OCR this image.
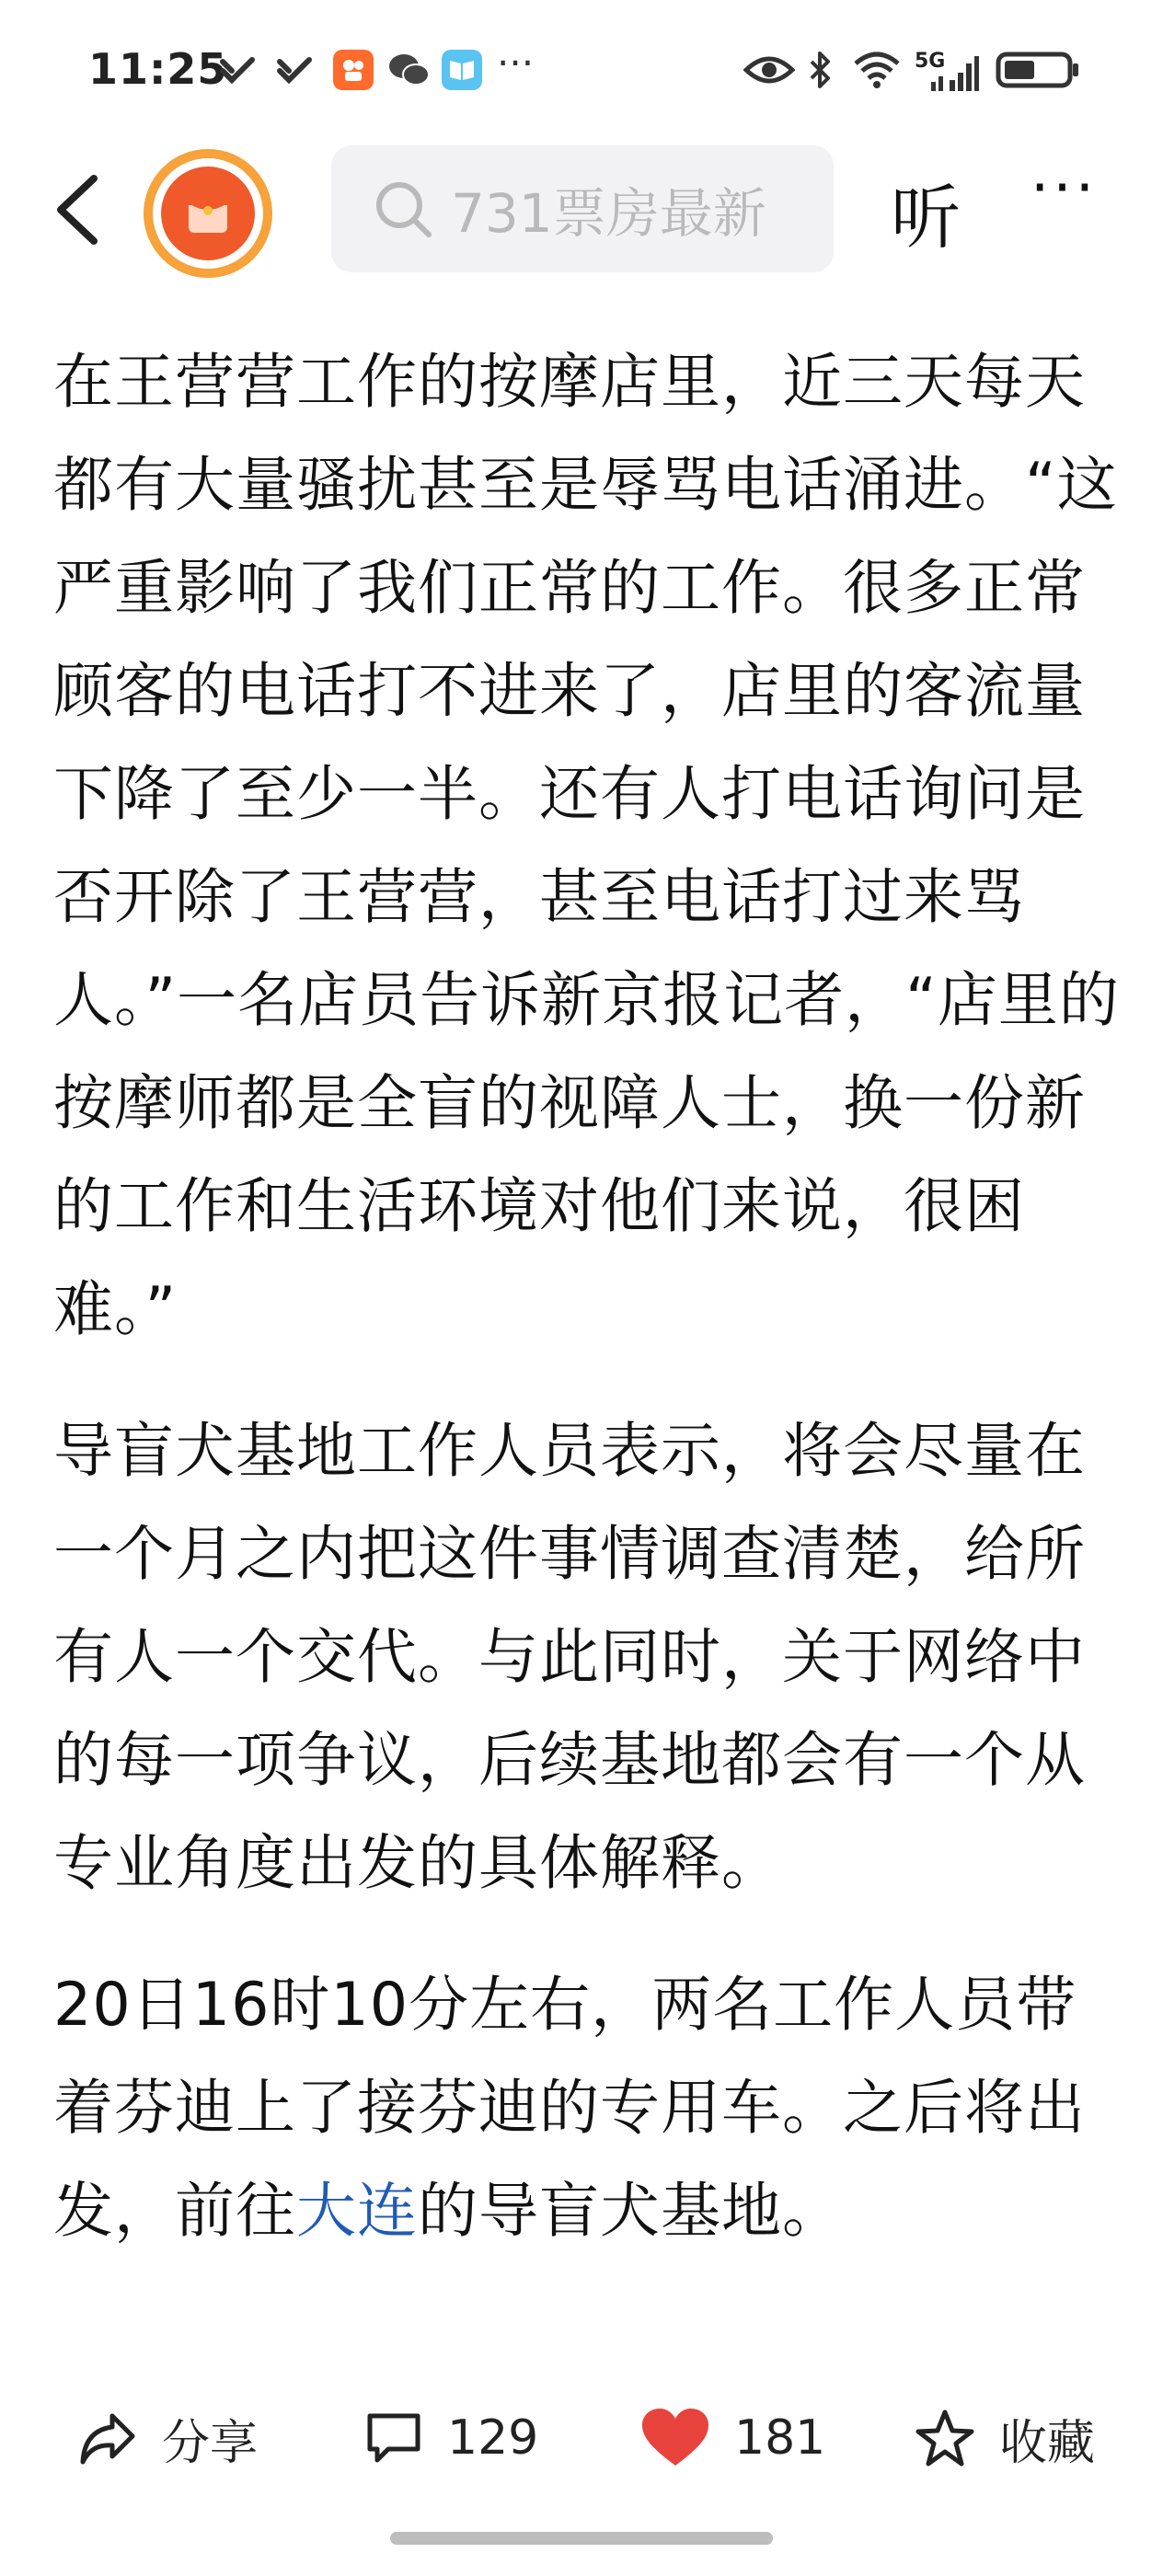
11:25	···	5G
731票房最新 听 ···

在王营营工作的按摩店里，近三天每天都有大量骚扰甚至是辱骂电话涌进。“这严重影响了我们正常的工作。很多正常顾客的电话打不进来了，店里的客流量下降了至少一半。还有人打电话询问是否开除了王营营，甚至电话打过来骂人。”一名店员告诉新京报记者，“店里的按摩师都是全盲的视障人士，换一份新的工作和生活环境对他们来说，很困难。”

导盲犬基地工作人员表示，将会尽量在一个月之内把这件事情调查清楚，给所有人一个交代。与此同时，关于网络中的每一项争议，后续基地都会有一个从专业角度出发的具体解释。

20日16时10分左右，两名工作人员带着芬迪上了接芬迪的专用车。之后将出发，前往大连的导盲犬基地。

分享	129	181	收藏
